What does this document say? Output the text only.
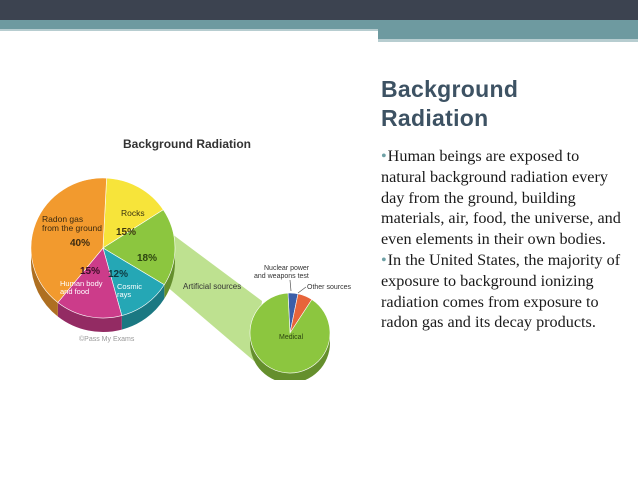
Background Radiation
Radon gas
from the ground
40%
Rocks
15%
18%
15%
Human body
and food
12%
Cosmic
rays
©Pass My Exams
Artificial sources
Nuclear power
and weapons test
Other sources
Medical
Background
Radiation
•Human beings are exposed to natural background radiation every day from the ground, building materials, air, food, the universe, and even elements in their own bodies.
•In the United States, the majority of exposure to background ionizing radiation comes from exposure to radon gas and its decay products.
